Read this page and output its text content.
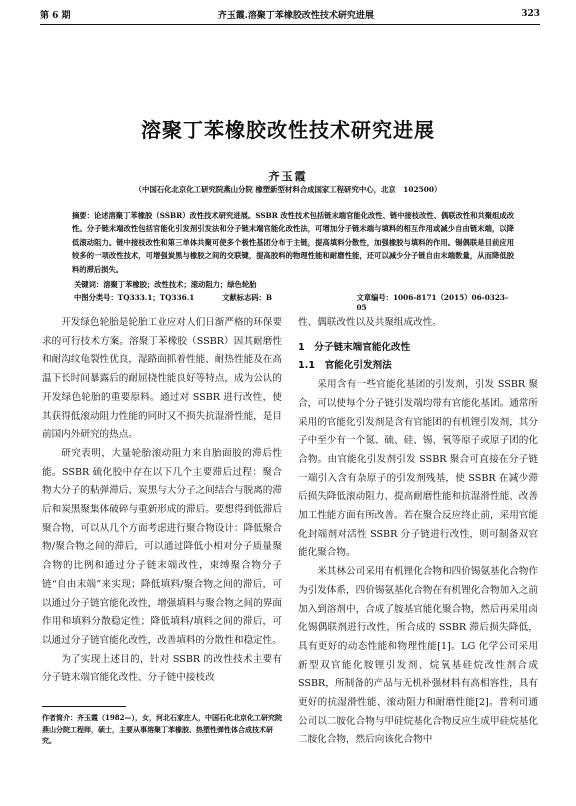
第 6 期	齐玉霞.溶聚丁苯橡胶改性技术研究进展	323
溶聚丁苯橡胶改性技术研究进展
齐玉霞
（中国石化北京化工研究院燕山分院 橡塑新型材料合成国家工程研究中心，北京　102500）
摘要：论述溶聚丁苯橡胶（SSBR）改性技术研究进展。SSBR 改性技术包括链末端官能化改性、链中接枝改性、偶联改性和共聚组成改性。分子链末端改性包括官能化引发剂引发法和分子链末端官能化改性法，可增加分子链末端与填料的相互作用或减少自由链末端，以降低滚动阻力。链中接枝改性和第三单体共聚可使多个极性基团分布于主链，提高填料分散性，加强橡胶与填料的作用。锡偶联是目前应用较多的一项改性技术，可增强炭黑与橡胶之间的交联键，提高胶料的物理性能和耐磨性能，还可以减少分子链自由末端数量，从而降低胶料的滞后损失。
关键词：溶聚丁苯橡胶；改性技术；滚动阻力；绿色轮胎
中图分类号：TQ333.1；TQ336.1	文献标志码：B	文章编号：1006-8171（2015）06-0323-05

开发绿色轮胎是轮胎工业应对人们日渐严格的环保要求的可行技术方案。溶聚丁苯橡胶（SSBR）因其耐磨性和耐沟纹龟裂性优良，湿路面抓着性能、耐热性能及在高温下长时间暴露后的耐屈挠性能良好等特点，成为公认的开发绿色轮胎的重要原料。通过对 SSBR 进行改性，使其获得低滚动阻力性能的同时又不损失抗湿滑性能，是目前国内外研究的热点。

研究表明，大量轮胎滚动阻力来自胎面胶的滞后性能。SSBR 硫化胶中存在以下几个主要滞后过程：聚合物大分子的粘弹滞后、炭黑与大分子之间结合与脱离的滞后和炭黑聚集体破碎与重新形成的滞后。要想得到低滞后聚合物，可以从几个方面考虑进行聚合物设计：降低聚合物/聚合物之间的滞后，可以通过降低小相对分子质量聚合物的比例和通过分子链末端改性，束缚聚合物分子链“自由末端”来实现；降低填料/聚合物之间的滞后，可以通过分子链官能化改性，增强填料与聚合物之间的界面作用和填料分散稳定性；降低填料/填料之间的滞后，可以通过分子链官能化改性，改善填料的分散性和稳定性。

为了实现上述目的，针对 SSBR 的改性技术主要有分子链末端官能化改性、分子链中接枝改

性、偶联改性以及共聚组成改性。

1　分子链末端官能化改性
1.1　官能化引发剂法

采用含有一些官能化基团的引发剂，引发 SSBR 聚合，可以使每个分子链引发端均带有官能化基团。通常所采用的官能化引发剂是含有官能团的有机锂引发剂，其分子中至少有一个氮、硫、硅、锡、氧等原子或原子团的化合物。由官能化引发剂引发 SSBR 聚合可直接在分子链一端引入含有杂原子的引发剂残基，使 SSBR 在减少滞后损失降低滚动阻力、提高耐磨性能和抗湿滑性能、改善加工性能方面有所改善。若在聚合反应终止前，采用官能化封端剂对活性 SSBR 分子链进行改性，则可制备双官能化聚合物。

米其林公司采用有机锂化合物和四价锡氨基化合物作为引发体系，四价锡氨基化合物在有机锂化合物加入之前加入到溶剂中，合成了胺基官能化聚合物，然后再采用卤化锡偶联剂进行改性，所合成的 SSBR 滞后损失降低，具有更好的动态性能和物理性能[1]。LG 化学公司采用新型双官能化胺锂引发剂、烷氧基硅烷改性剂合成 SSBR，所制备的产品与无机补强材料有高相容性，具有更好的抗湿滑性能、滚动阻力和耐磨性能[2]。普利司通公司以二胺化合物与甲硅烷基化合物反应生成甲硅烷基化二胺化合物，然后向该化合物中

作者简介：齐玉霞（1982—），女，河北石家庄人，中国石化北京化工研究院燕山分院工程师，硕士，主要从事溶聚丁苯橡胶、热塑性弹性体合成技术研究。
